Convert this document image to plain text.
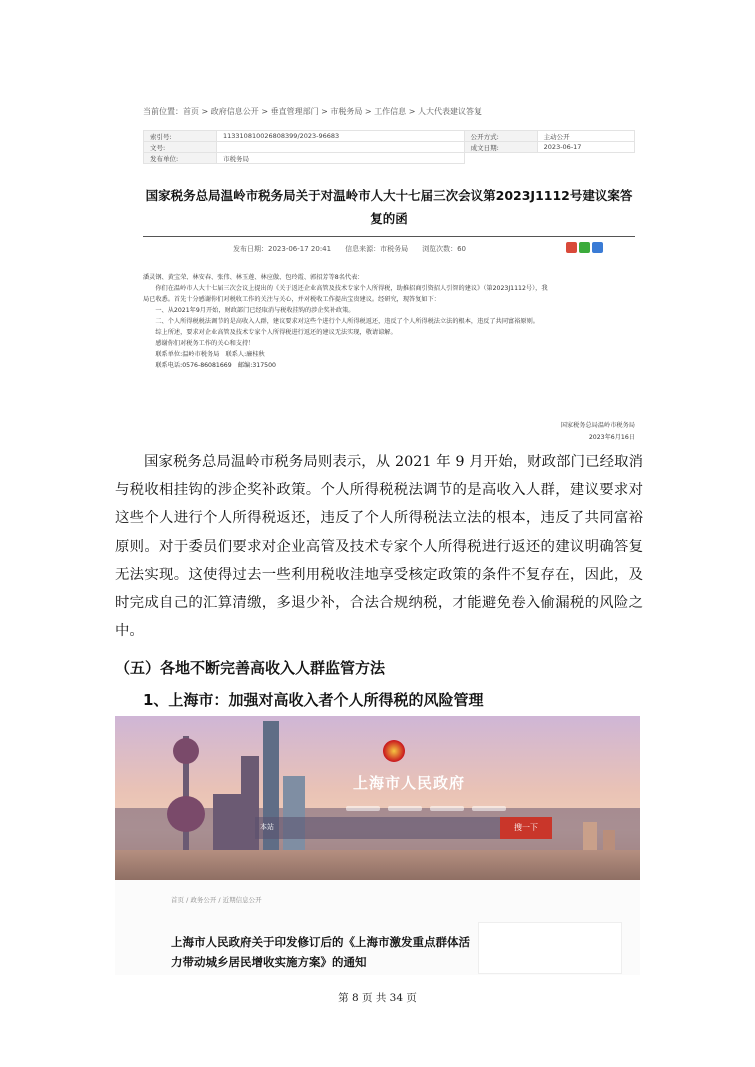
当前位置：首页 > 政府信息公开 > 垂直管理部门 > 市税务局 > 工作信息 > 人大代表建议答复
索引号:	113310810026808399/2023-96683	公开方式:	主动公开
文号:		成文日期:	2023-06-17
发布单位:	市税务局		
国家税务总局温岭市税务局关于对温岭市人大十七届三次会议第2023J1112号建议案答复的函
发布日期：2023-06-17 20:41　　信息来源：市税务局　　浏览次数：60

潘灵钢、黄宝荣、林安春、张伟、林玉莲、林应傲、包玲霞、郭招芳等8名代表：

　　你们在温岭市人大十七届三次会议上提出的《关于返还企业高管及技术专家个人所得税，助推招商引资招人引智的建议》（第2023J1112号），我

局已收悉。首先十分感谢你们对税收工作的关注与关心，并对税收工作提出宝贵建议。经研究，现答复如下：

　　一、从2021年9月开始，财政部门已经取消与税收挂钩的涉企奖补政策。

　　二、个人所得税税法调节的是高收入人群，建议要求对这些个进行个人所得税返还，违反了个人所得税法立法的根本，违反了共同富裕原则。

　　综上所述，要求对企业高管及技术专家个人所得税进行返还的建议无法实现，敬请谅解。

　　感谢你们对税务工作的关心和支持！

　　联系单位:温岭市税务局　联系人:廉桂秋

　　联系电话:0576-86081669　邮编:317500

国家税务总局温岭市税务局
2023年6月16日

国家税务总局温岭市税务局则表示，从 2021 年 9 月开始，财政部门已经取消与税收相挂钩的涉企奖补政策。个人所得税税法调节的是高收入人群，建议要求对这些个人进行个人所得税返还，违反了个人所得税法立法的根本，违反了共同富裕原则。对于委员们要求对企业高管及技术专家个人所得税进行返还的建议明确答复无法实现。这使得过去一些利用税收洼地享受核定政策的条件不复存在，因此，及时完成自己的汇算清缴，多退少补，合法合规纳税，才能避免卷入偷漏税的风险之中。

（五）各地不断完善高收入人群监管方法
1、上海市：加强对高收入者个人所得税的风险管理
上海市人民政府
本站	搜一下
首页 / 政务公开 / 近期信息公开
上海市人民政府关于印发修订后的《上海市激发重点群体活力带动城乡居民增收实施方案》的通知
第 8 页 共 34 页
